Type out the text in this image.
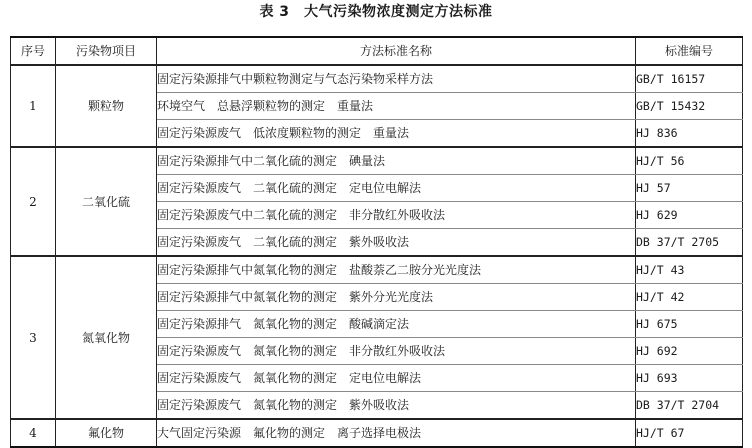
表 3　大气污染物浓度测定方法标准
序号	污染物项目	方法标准名称	标准编号
1	颗粒物	固定污染源排气中颗粒物测定与气态污染物采样方法	GB/T 16157
		环境空气　总悬浮颗粒物的测定　重量法	GB/T 15432
		固定污染源废气　低浓度颗粒物的测定　重量法	HJ 836
2	二氧化硫	固定污染源排气中二氧化硫的测定　碘量法	HJ/T 56
		固定污染源废气　二氧化硫的测定　定电位电解法	HJ 57
		固定污染源废气中二氧化硫的测定　非分散红外吸收法	HJ 629
		固定污染源废气　二氧化硫的测定　紫外吸收法	DB 37/T 2705
3	氮氧化物	固定污染源排气中氮氧化物的测定　盐酸萘乙二胺分光光度法	HJ/T 43
		固定污染源排气中氮氧化物的测定　紫外分光光度法	HJ/T 42
		固定污染源排气　氮氧化物的测定　酸碱滴定法	HJ 675
		固定污染源废气　氮氧化物的测定　非分散红外吸收法	HJ 692
		固定污染源废气　氮氧化物的测定　定电位电解法	HJ 693
		固定污染源废气　氮氧化物的测定　紫外吸收法	DB 37/T 2704
4	氟化物	大气固定污染源　氟化物的测定　离子选择电极法	HJ/T 67
